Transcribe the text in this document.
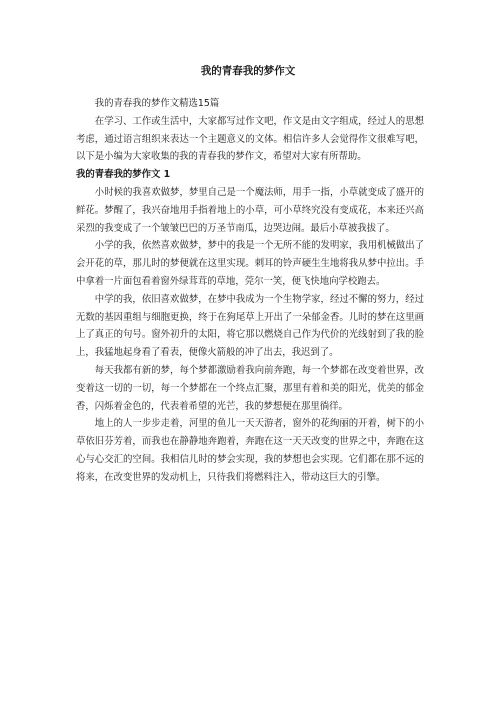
我的青春我的梦作文

我的青春我的梦作文精选15篇

在学习、工作或生活中，大家都写过作文吧，作文是由文字组成，经过人的思想考虑，通过语言组织来表达一个主题意义的文体。相信许多人会觉得作文很难写吧，以下是小编为大家收集的我的青春我的梦作文，希望对大家有所帮助。

我的青春我的梦作文 1

小时候的我喜欢做梦，梦里自己是一个魔法师，用手一指，小草就变成了盛开的鲜花。梦醒了，我兴奋地用手指着地上的小草，可小草终究没有变成花，本来还兴高采烈的我变成了一个皱皱巴巴的万圣节南瓜，边哭边闹。最后小草被我拔了。

小学的我，依然喜欢做梦，梦中的我是一个无所不能的发明家，我用机械做出了会开花的草，那儿时的梦便就在这里实现。刺耳的铃声硬生生地将我从梦中拉出。手中拿着一片面包看着窗外绿茸茸的草地，莞尔一笑，便飞快地向学校跑去。

中学的我，依旧喜欢做梦，在梦中我成为一个生物学家，经过不懈的努力，经过无数的基因重组与细胞更换，终于在狗尾草上开出了一朵郁金香。儿时的梦在这里画上了真正的句号。窗外初升的太阳，将它那以燃烧自己作为代价的光线射到了我的脸上，我猛地起身看了看表，便像火箭般的冲了出去，我迟到了。

每天我都有新的梦，每个梦都激励着我向前奔跑，每一个梦都在改变着世界，改变着这一切的一切，每一个梦都在一个终点汇聚，那里有着和美的阳光，优美的郁金香，闪烁着金色的，代表着希望的光芒，我的梦想便在那里徜徉。

地上的人一步步走着，河里的鱼儿一天天游者，窗外的花绚丽的开着，树下的小草依旧芬芳着，而我也在静静地奔跑着，奔跑在这一天天改变的世界之中，奔跑在这心与心交汇的空间。我相信儿时的梦会实现，我的梦想也会实现。它们都在那不远的将来，在改变世界的发动机上，只待我们将燃料注入，带动这巨大的引擎。
